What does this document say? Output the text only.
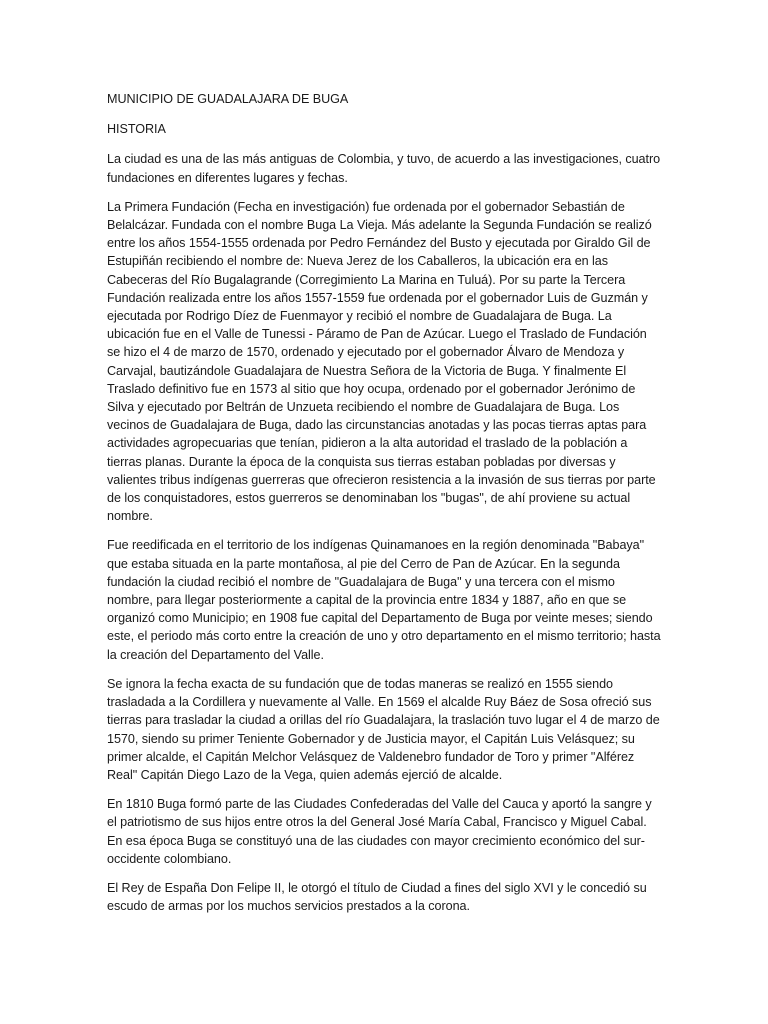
MUNICIPIO DE GUADALAJARA DE BUGA

HISTORIA

La ciudad es una de las más antiguas de Colombia, y tuvo, de acuerdo a las investigaciones, cuatro fundaciones en diferentes lugares y fechas.

La Primera Fundación (Fecha en investigación) fue ordenada por el gobernador Sebastián de Belalcázar. Fundada con el nombre Buga La Vieja. Más adelante la Segunda Fundación se realizó entre los años 1554-1555 ordenada por Pedro Fernández del Busto y ejecutada por Giraldo Gil de Estupiñán recibiendo el nombre de: Nueva Jerez de los Caballeros, la ubicación era en las Cabeceras del Río Bugalagrande (Corregimiento La Marina en Tuluá). Por su parte la Tercera Fundación realizada entre los años 1557-1559 fue ordenada por el gobernador Luis de Guzmán y ejecutada por Rodrigo Díez de Fuenmayor y recibió el nombre de Guadalajara de Buga. La ubicación fue en el Valle de Tunessi - Páramo de Pan de Azúcar. Luego el Traslado de Fundación se hizo el 4 de marzo de 1570, ordenado y ejecutado por el gobernador Álvaro de Mendoza y Carvajal, bautizándole Guadalajara de Nuestra Señora de la Victoria de Buga. Y finalmente El Traslado definitivo fue en 1573 al sitio que hoy ocupa, ordenado por el gobernador Jerónimo de Silva y ejecutado por Beltrán de Unzueta recibiendo el nombre de Guadalajara de Buga. Los vecinos de Guadalajara de Buga, dado las circunstancias anotadas y las pocas tierras aptas para actividades agropecuarias que tenían, pidieron a la alta autoridad el traslado de la población a tierras planas. Durante la época de la conquista sus tierras estaban pobladas por diversas y valientes tribus indígenas guerreras que ofrecieron resistencia a la invasión de sus tierras por parte de los conquistadores, estos guerreros se denominaban los "bugas", de ahí proviene su actual nombre.

Fue reedificada en el territorio de los indígenas Quinamanoes en la región denominada "Babaya" que estaba situada en la parte montañosa, al pie del Cerro de Pan de Azúcar. En la segunda fundación la ciudad recibió el nombre de "Guadalajara de Buga" y una tercera con el mismo nombre, para llegar posteriormente a capital de la provincia entre 1834 y 1887, año en que se organizó como Municipio; en 1908 fue capital del Departamento de Buga por veinte meses; siendo este, el periodo más corto entre la creación de uno y otro departamento en el mismo territorio; hasta la creación del Departamento del Valle.

Se ignora la fecha exacta de su fundación que de todas maneras se realizó en 1555 siendo trasladada a la Cordillera y nuevamente al Valle. En 1569 el alcalde Ruy Báez de Sosa ofreció sus tierras para trasladar la ciudad a orillas del río Guadalajara, la traslación tuvo lugar el 4 de marzo de 1570, siendo su primer Teniente Gobernador y de Justicia mayor, el Capitán Luis Velásquez; su primer alcalde, el Capitán Melchor Velásquez de Valdenebro fundador de Toro y primer "Alférez Real" Capitán Diego Lazo de la Vega, quien además ejerció de alcalde.

En 1810 Buga formó parte de las Ciudades Confederadas del Valle del Cauca y aportó la sangre y el patriotismo de sus hijos entre otros la del General José María Cabal, Francisco y Miguel Cabal. En esa época Buga se constituyó una de las ciudades con mayor crecimiento económico del sur-occidente colombiano.

El Rey de España Don Felipe II, le otorgó el título de Ciudad a fines del siglo XVI y le concedió su escudo de armas por los muchos servicios prestados a la corona.
